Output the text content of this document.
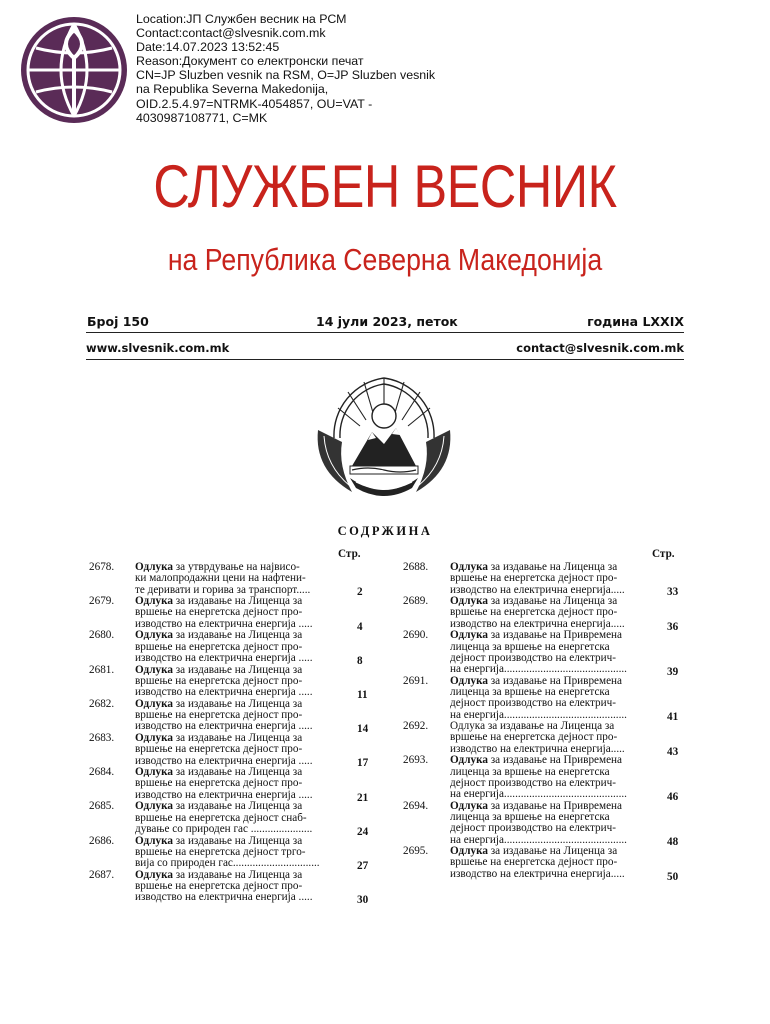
Location:ЈП Службен весник на РСМ
Contact:contact@slvesnik.com.mk
Date:14.07.2023 13:52:45
Reason:Документ со електронски печат
CN=JP Sluzben vesnik na RSM, O=JP Sluzben vesnik
na Republika Severna Makedonija,
OID.2.5.4.97=NTRMK-4054857, OU=VAT -
4030987108771, C=MK
СЛУЖБЕН ВЕСНИК
на Република Северна Македонија
Број 150	14 јули 2023, петок	година LXXIX
www.slvesnik.com.mk	contact@slvesnik.com.mk
СОДРЖИНА
Стр.	Стр.
2678. Одлука за утврдување на највисо-
ки малопродажни цени на нафтени-
те деривати и горива за транспорт.....	2
2679. Одлука за издавање на Лиценца за
вршење на енергетска дејност про-
изводство на електрична енергија .....	4
2680. Одлука за издавање на Лиценца за
вршење на енергетска дејност про-
изводство на електрична енергија .....	8
2681. Одлука за издавање на Лиценца за
вршење на енергетска дејност про-
изводство на електрична енергија .....	11
2682. Одлука за издавање на Лиценца за
вршење на енергетска дејност про-
изводство на електрична енергија .....	14
2683. Одлука за издавање на Лиценца за
вршење на енергетска дејност про-
изводство на електрична енергија .....	17
2684. Одлука за издавање на Лиценца за
вршење на енергетска дејност про-
изводство на електрична енергија .....	21
2685. Одлука за издавање на Лиценца за
вршење на енергетска дејност снаб-
дување со природен гас ......................	24
2686. Одлука за издавање на Лиценца за
вршење на енергетска дејност трго-
вија со природен гас...............................	27
2687. Одлука за издавање на Лиценца за
вршење на енергетска дејност про-
изводство на електрична енергија .....	30
2688. Одлука за издавање на Лиценца за
вршење на енергетска дејност про-
изводство на електрична енергија.....	33
2689. Одлука за издавање на Лиценца за
вршење на енергетска дејност про-
изводство на електрична енергија.....	36
2690. Одлука за издавање на Привремена
лиценца за вршење на енергетска
дејност производство на електрич-
на енергија............................................	39
2691. Одлука за издавање на Привремена
лиценца за вршење на енергетска
дејност производство на електрич-
на енергија............................................	41
2692. Одлука за издавање на Лиценца за
вршење на енергетска дејност про-
изводство на електрична енергија.....	43
2693. Одлука за издавање на Привремена
лиценца за вршење на енергетска
дејност производство на електрич-
на енергија............................................	46
2694. Одлука за издавање на Привремена
лиценца за вршење на енергетска
дејност производство на електрич-
на енергија............................................	48
2695. Одлука за издавање на Лиценца за
вршење на енергетска дејност про-
изводство на електрична енергија.....	50
